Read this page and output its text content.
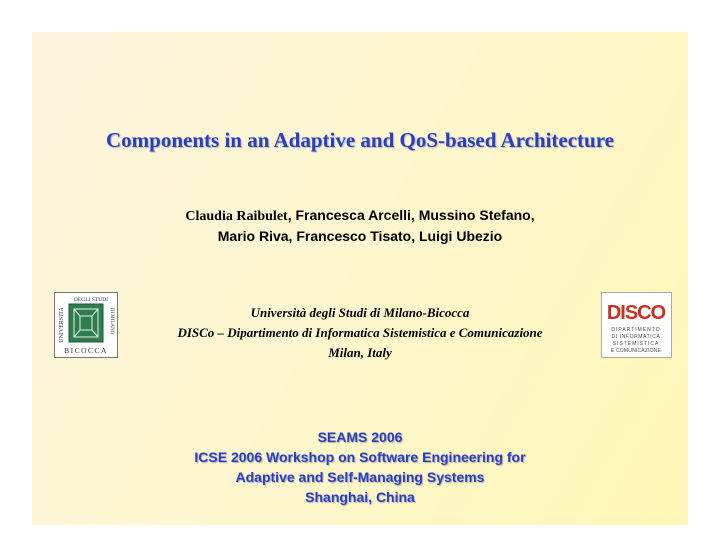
Components in an Adaptive and QoS-based Architecture
Claudia Raibulet, Francesca Arcelli, Mussino Stefano,
Mario Riva, Francesco Tisato, Luigi Ubezio
Università degli Studi di Milano-Bicocca
DISCo – Dipartimento di Informatica Sistemistica e Comunicazione
Milan, Italy
SEAMS 2006
ICSE 2006 Workshop on Software Engineering for
Adaptive and Self-Managing Systems
Shanghai, China
UNIVERSITA
DEGLI STUDI
DI MILANO
BICOCCA
DISCO
DIPARTIMENTO
DI INFORMATICA
SISTEMISTICA
E COMUNICAZIONE
